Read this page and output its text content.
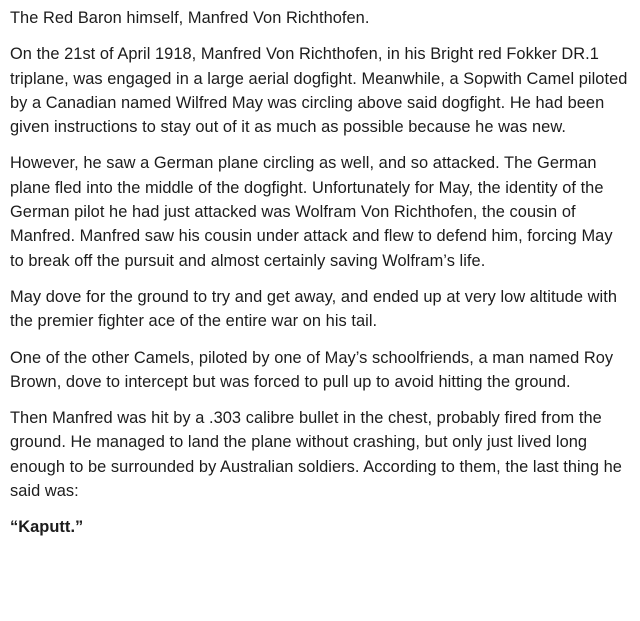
The Red Baron himself, Manfred Von Richthofen.

On the 21st of April 1918, Manfred Von Richthofen, in his Bright red Fokker DR.1 triplane, was engaged in a large aerial dogfight. Meanwhile, a Sopwith Camel piloted by a Canadian named Wilfred May was circling above said dogfight. He had been given instructions to stay out of it as much as possible because he was new.

However, he saw a German plane circling as well, and so attacked. The German plane fled into the middle of the dogfight. Unfortunately for May, the identity of the German pilot he had just attacked was Wolfram Von Richthofen, the cousin of Manfred. Manfred saw his cousin under attack and flew to defend him, forcing May to break off the pursuit and almost certainly saving Wolfram’s life.

May dove for the ground to try and get away, and ended up at very low altitude with the premier fighter ace of the entire war on his tail.

One of the other Camels, piloted by one of May’s schoolfriends, a man named Roy Brown, dove to intercept but was forced to pull up to avoid hitting the ground.

Then Manfred was hit by a .303 calibre bullet in the chest, probably fired from the ground. He managed to land the plane without crashing, but only just lived long enough to be surrounded by Australian soldiers. According to them, the last thing he said was:

“Kaputt.”
